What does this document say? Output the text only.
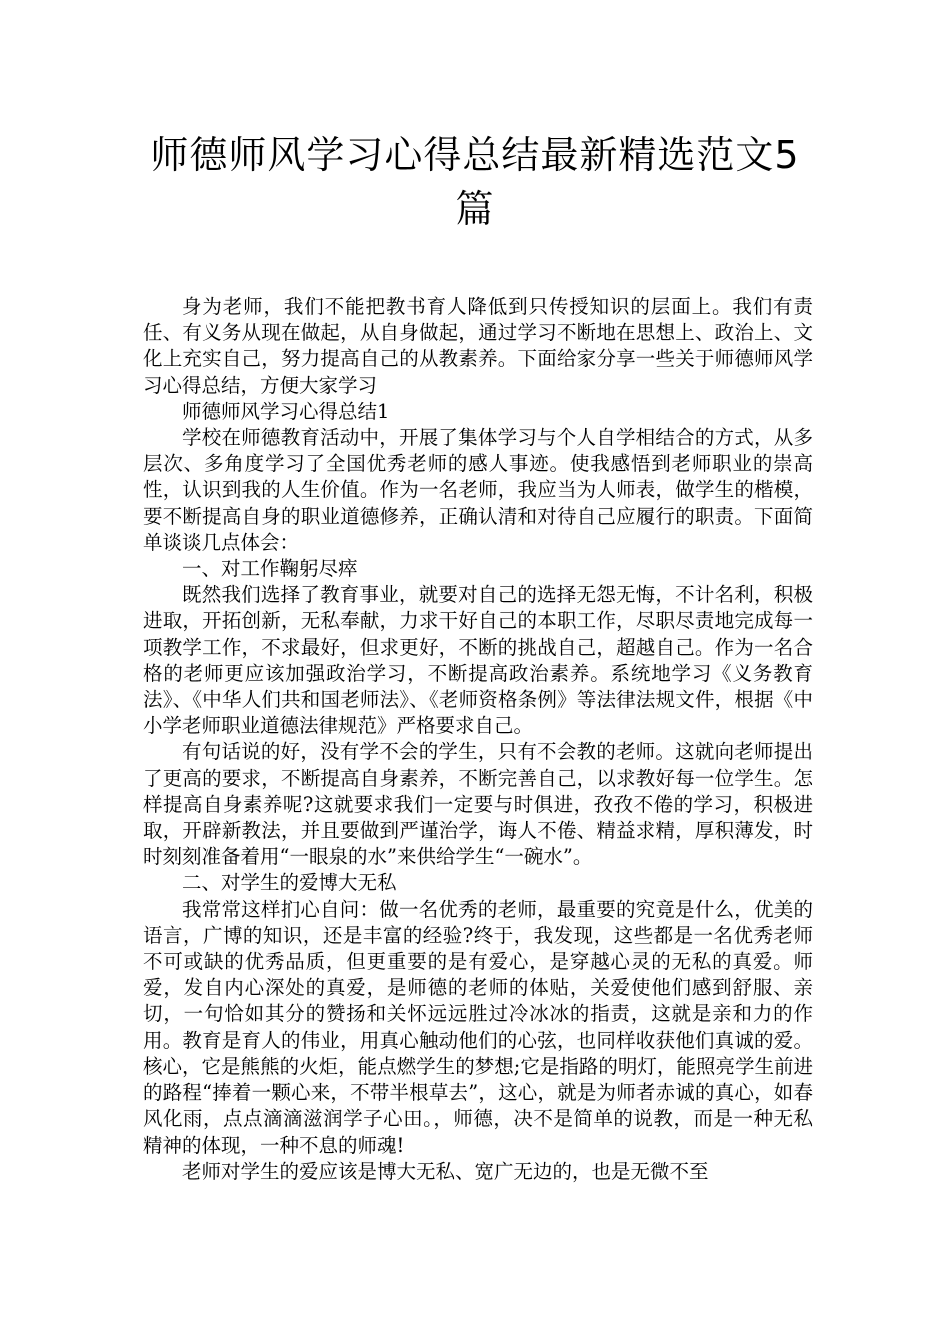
师德师风学习心得总结最新精选范文5篇

身为老师，我们不能把教书育人降低到只传授知识的层面上。我们有责任、有义务从现在做起，从自身做起，通过学习不断地在思想上、政治上、文化上充实自己，努力提高自己的从教素养。下面给家分享一些关于师德师风学习心得总结，方便大家学习

师德师风学习心得总结1

学校在师德教育活动中，开展了集体学习与个人自学相结合的方式，从多层次、多角度学习了全国优秀老师的感人事迹。使我感悟到老师职业的崇高性，认识到我的人生价值。作为一名老师，我应当为人师表，做学生的楷模，要不断提高自身的职业道德修养，正确认清和对待自己应履行的职责。下面简单谈谈几点体会：

一、对工作鞠躬尽瘁

既然我们选择了教育事业，就要对自己的选择无怨无悔，不计名利，积极进取，开拓创新，无私奉献，力求干好自己的本职工作，尽职尽责地完成每一项教学工作，不求最好，但求更好，不断的挑战自己，超越自己。作为一名合格的老师更应该加强政治学习，不断提高政治素养。系统地学习《义务教育法》、《中华人们共和国老师法》、《老师资格条例》等法律法规文件，根据《中小学老师职业道德法律规范》严格要求自己。

有句话说的好，没有学不会的学生，只有不会教的老师。这就向老师提出了更高的要求，不断提高自身素养，不断完善自己，以求教好每一位学生。怎样提高自身素养呢?这就要求我们一定要与时俱进，孜孜不倦的学习，积极进取，开辟新教法，并且要做到严谨治学，诲人不倦、精益求精，厚积薄发，时时刻刻准备着用“一眼泉的水”来供给学生“一碗水”。

二、对学生的爱博大无私

我常常这样扪心自问：做一名优秀的老师，最重要的究竟是什么，优美的语言，广博的知识，还是丰富的经验?终于，我发现，这些都是一名优秀老师不可或缺的优秀品质，但更重要的是有爱心，是穿越心灵的无私的真爱。师爱，发自内心深处的真爱，是师德的老师的体贴，关爱使他们感到舒服、亲切，一句恰如其分的赞扬和关怀远远胜过冷冰冰的指责，这就是亲和力的作用。教育是育人的伟业，用真心触动他们的心弦，也同样收获他们真诚的爱。核心，它是熊熊的火炬，能点燃学生的梦想;它是指路的明灯，能照亮学生前进的路程“捧着一颗心来，不带半根草去”，这心，就是为师者赤诚的真心，如春风化雨，点点滴滴滋润学子心田。，师德，决不是简单的说教，而是一种无私精神的体现，一种不息的师魂!

老师对学生的爱应该是博大无私、宽广无边的，也是无微不至
